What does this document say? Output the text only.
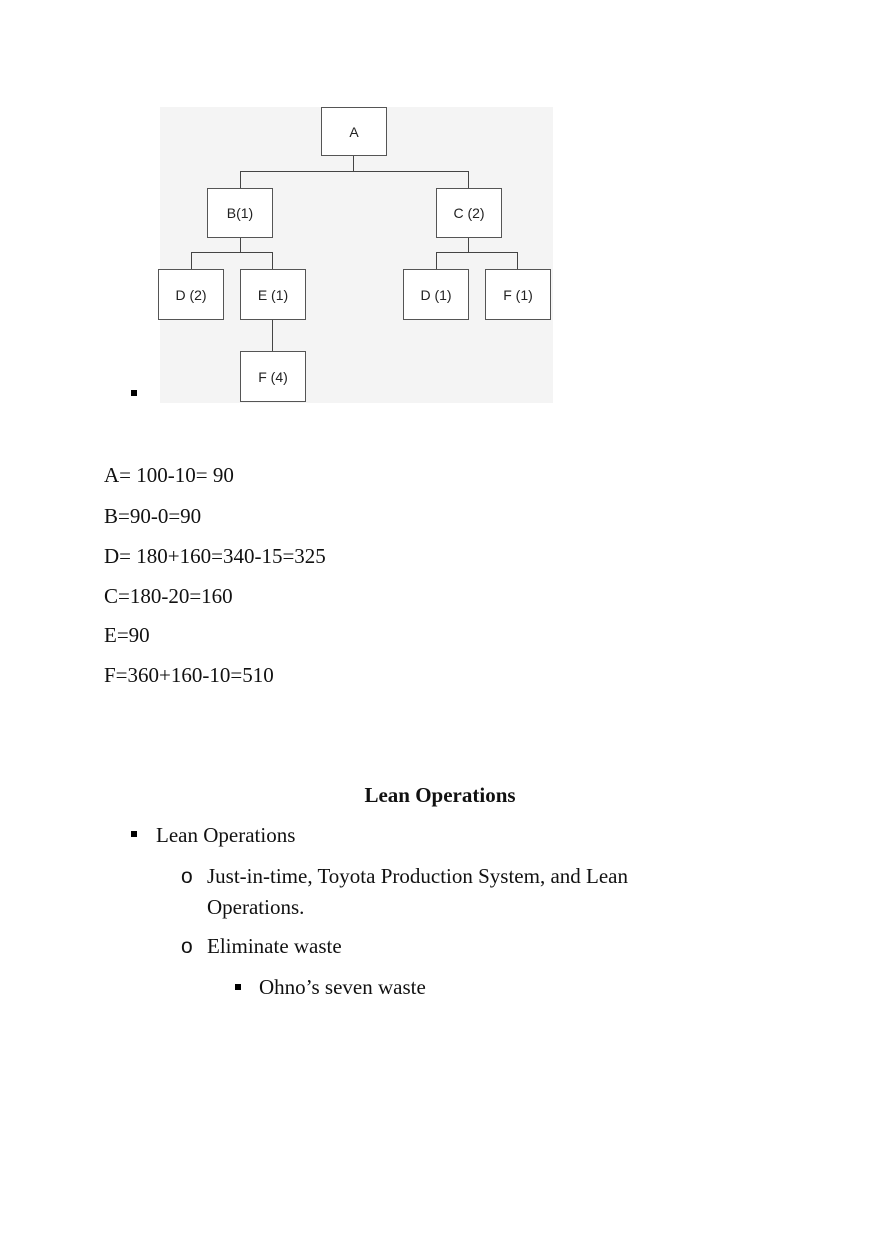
A
B(1)	C (2)
D (2)	E (1)	D (1)	F (1)
F (4)
A= 100-10= 90
B=90-0=90
D= 180+160=340-15=325
C=180-20=160
E=90
F=360+160-10=510
Lean Operations
Lean Operations
o Just-in-time, Toyota Production System, and Lean Operations.
o Eliminate waste
Ohno’s seven waste
